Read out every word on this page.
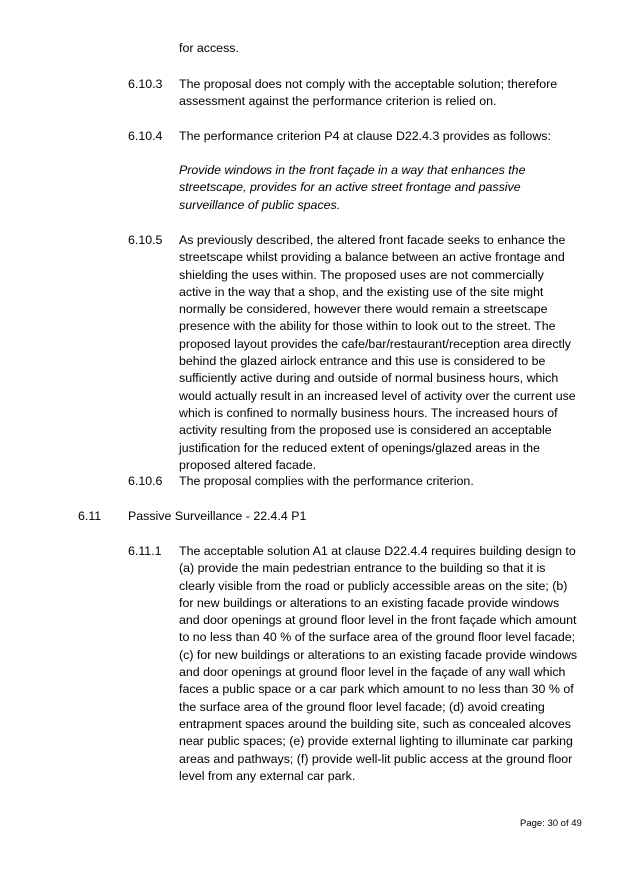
for access.
6.10.3 The proposal does not comply with the acceptable solution; therefore assessment against the performance criterion is relied on.
6.10.4 The performance criterion P4 at clause D22.4.3 provides as follows:
Provide windows in the front façade in a way that enhances the streetscape, provides for an active street frontage and passive surveillance of public spaces.
6.10.5 As previously described, the altered front facade seeks to enhance the streetscape whilst providing a balance between an active frontage and shielding the uses within. The proposed uses are not commercially active in the way that a shop, and the existing use of the site might normally be considered, however there would remain a streetscape presence with the ability for those within to look out to the street. The proposed layout provides the cafe/bar/restaurant/reception area directly behind the glazed airlock entrance and this use is considered to be sufficiently active during and outside of normal business hours, which would actually result in an increased level of activity over the current use which is confined to normally business hours. The increased hours of activity resulting from the proposed use is considered an acceptable justification for the reduced extent of openings/glazed areas in the proposed altered facade.
6.10.6 The proposal complies with the performance criterion.
6.11 Passive Surveillance - 22.4.4 P1
6.11.1 The acceptable solution A1 at clause D22.4.4 requires building design to (a) provide the main pedestrian entrance to the building so that it is clearly visible from the road or publicly accessible areas on the site; (b) for new buildings or alterations to an existing facade provide windows and door openings at ground floor level in the front façade which amount to no less than 40 % of the surface area of the ground floor level facade; (c) for new buildings or alterations to an existing facade provide windows and door openings at ground floor level in the façade of any wall which faces a public space or a car park which amount to no less than 30 % of the surface area of the ground floor level facade; (d) avoid creating entrapment spaces around the building site, such as concealed alcoves near public spaces; (e) provide external lighting to illuminate car parking areas and pathways; (f) provide well-lit public access at the ground floor level from any external car park.
Page: 30 of 49
